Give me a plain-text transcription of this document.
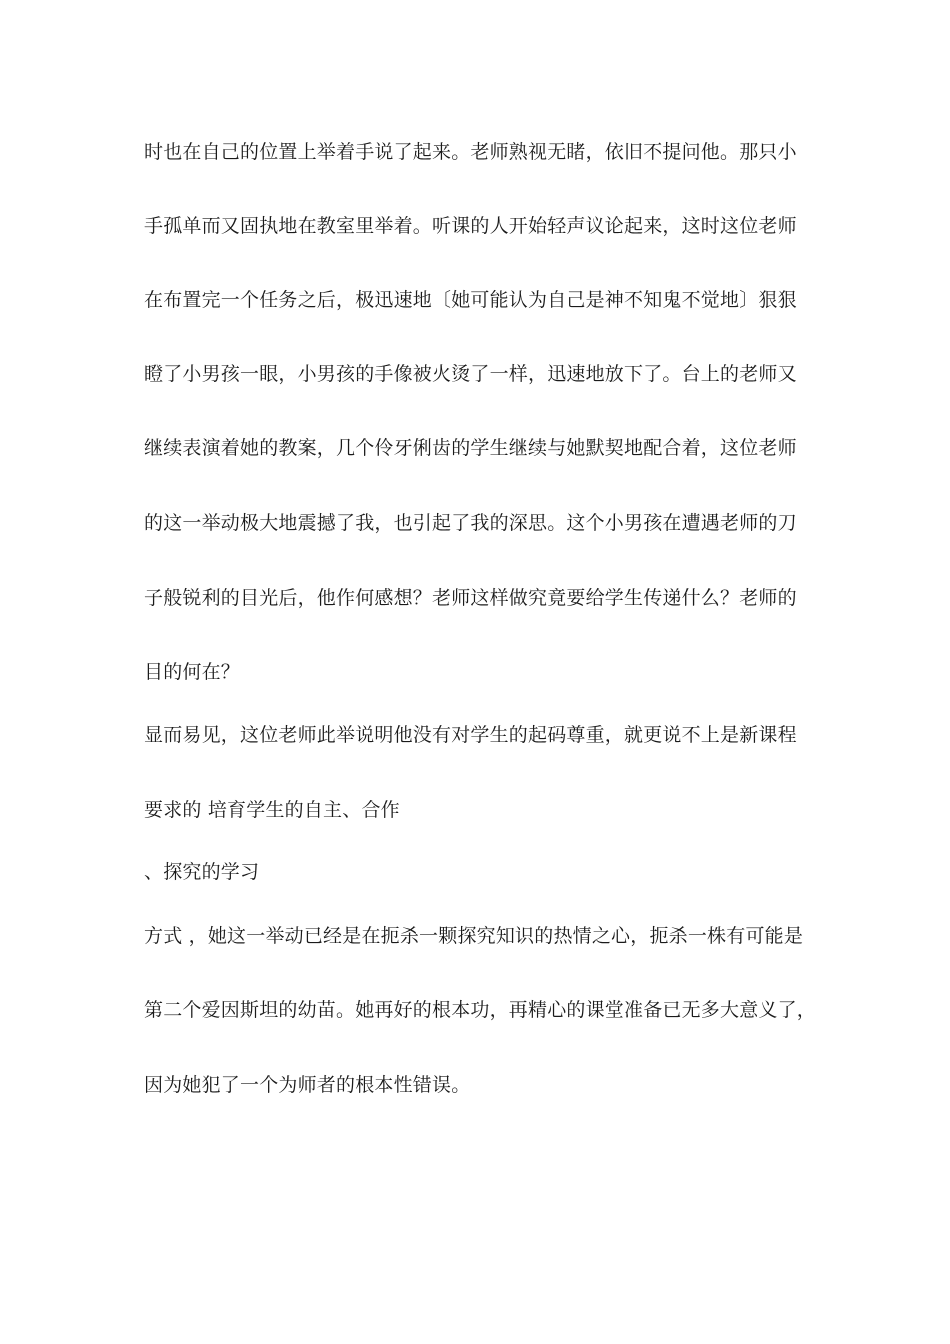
时也在自己的位置上举着手说了起来。老师熟视无睹，依旧不提问他。那只小
手孤单而又固执地在教室里举着。听课的人开始轻声议论起来，这时这位老师
在布置完一个任务之后，极迅速地〔她可能认为自己是神不知鬼不觉地〕狠狠
瞪了小男孩一眼，小男孩的手像被火烫了一样，迅速地放下了。台上的老师又
继续表演着她的教案，几个伶牙俐齿的学生继续与她默契地配合着，这位老师
的这一举动极大地震撼了我，也引起了我的深思。这个小男孩在遭遇老师的刀
子般锐利的目光后，他作何感想？老师这样做究竟要给学生传递什么？老师的
目的何在？
显而易见，这位老师此举说明他没有对学生的起码尊重，就更说不上是新课程
要求的 培育学生的自主、合作
、探究的学习
方式 ，她这一举动已经是在扼杀一颗探究知识的热情之心，扼杀一株有可能是
第二个爱因斯坦的幼苗。她再好的根本功，再精心的课堂准备已无多大意义了，
因为她犯了一个为师者的根本性错误。
